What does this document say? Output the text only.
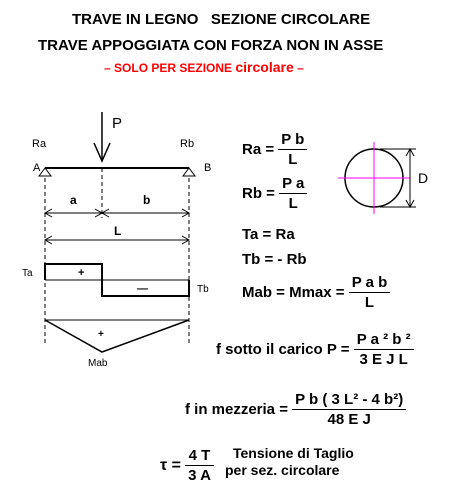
TRAVE IN LEGNO   SEZIONE CIRCOLARE
TRAVE APPOGGIATA CON FORZA NON IN ASSE
– SOLO PER SEZIONE circolare –
P
Ra	Rb
A	B
a	b
L
Ta
Tb
+
—
+
Mab
D
$Ra = \frac{\text{P b}}{L}$
$Rb = \frac{\text{P a}}{L}$
Ta = Ra
Tb = - Rb
Mab = $Mmax = \frac{\text{P a b}}{L}$
f sotto il carico $P = \frac{\text{P a ² b ²}}{\text{3 E J L}}$
f in mezzeria = $\frac{\text{P b ( 3 L² - 4 b²)}}{\text{48 E J}}$
$\tau = \frac{4 T}{3 A}$ Tensione di Taglio
per sez. circolare
